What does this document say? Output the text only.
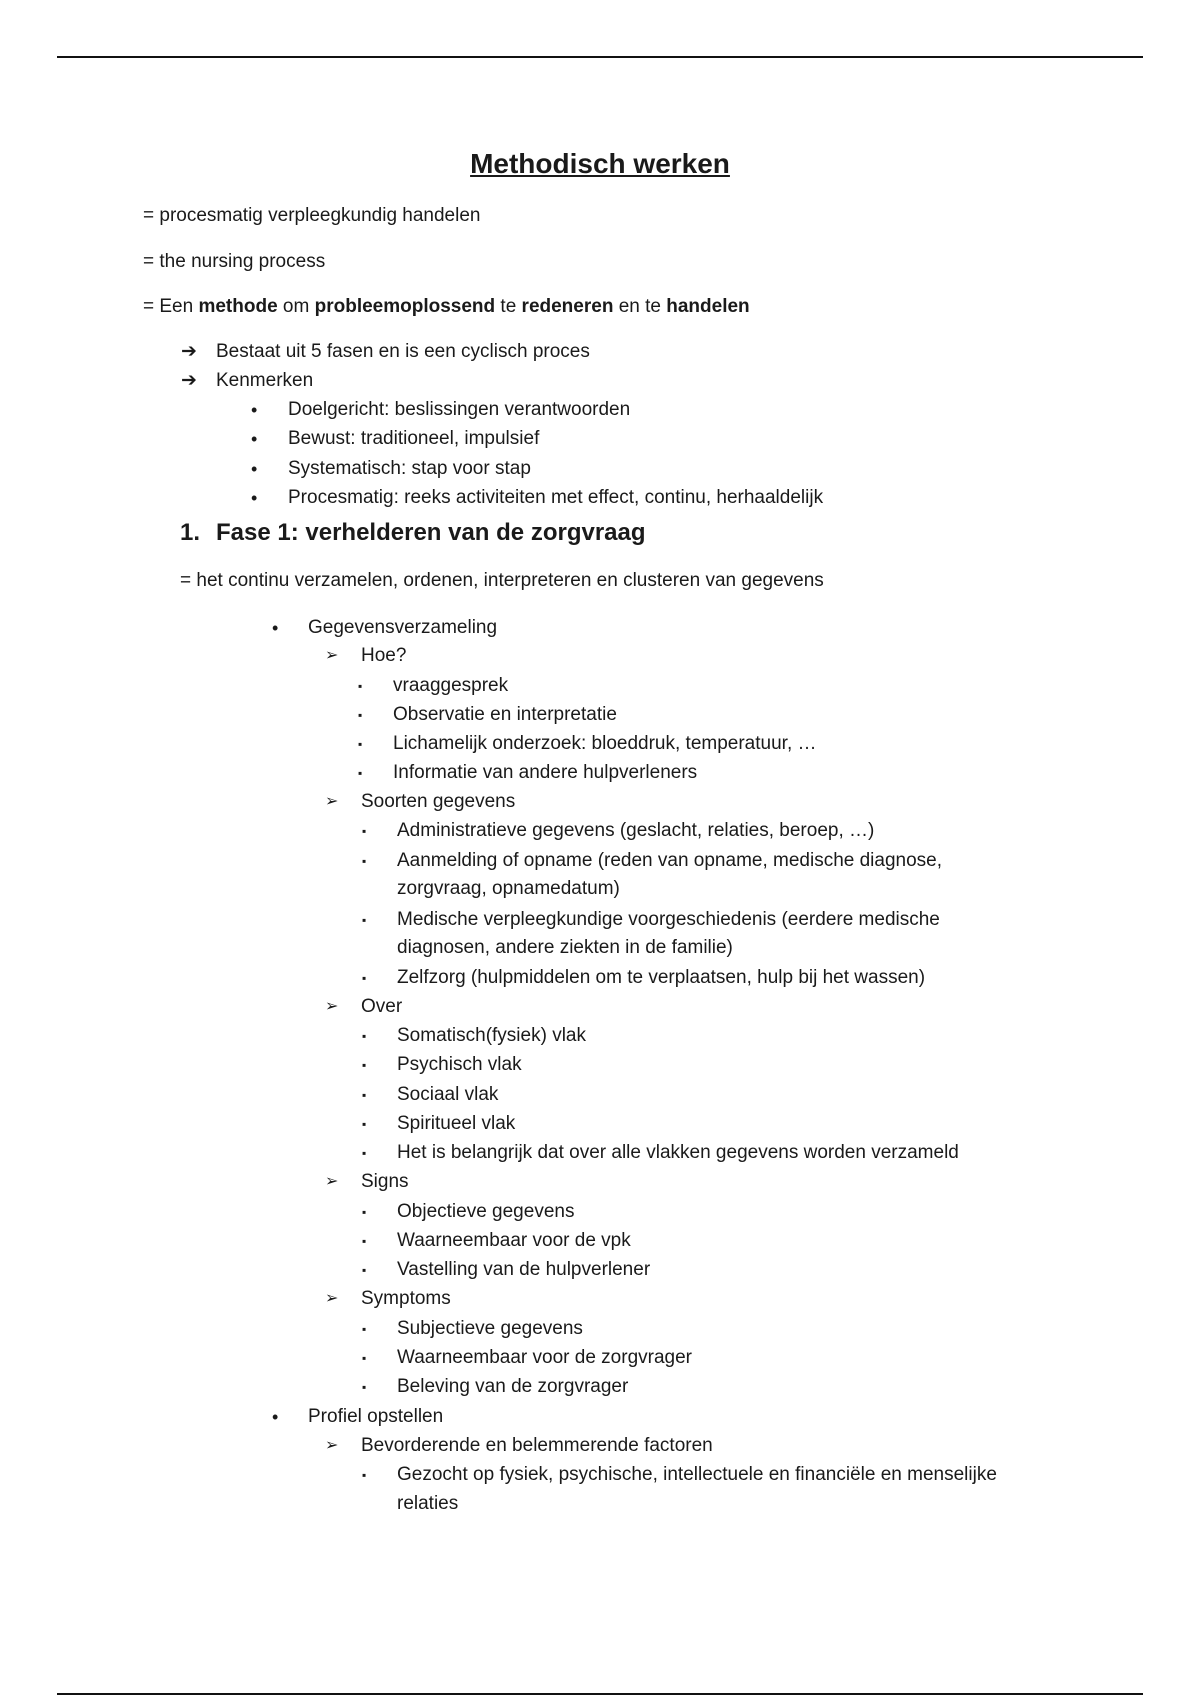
Methodisch werken
= procesmatig verpleegkundig handelen
= the nursing process
= Een methode om probleemoplossend te redeneren en te handelen
➔ Bestaat uit 5 fasen en is een cyclisch proces
➔ Kenmerken
• Doelgericht: beslissingen verantwoorden
• Bewust: traditioneel, impulsief
• Systematisch: stap voor stap
• Procesmatig: reeks activiteiten met effect, continu, herhaaldelijk
1. Fase 1: verhelderen van de zorgvraag
= het continu verzamelen, ordenen, interpreteren en clusteren van gegevens
• Gegevensverzameling
➢ Hoe?
▪ vraaggesprek
▪ Observatie en interpretatie
▪ Lichamelijk onderzoek: bloeddruk, temperatuur, …
▪ Informatie van andere hulpverleners
➢ Soorten gegevens
▪ Administratieve gegevens (geslacht, relaties, beroep, …)
▪ Aanmelding of opname (reden van opname, medische diagnose,
zorgvraag, opnamedatum)
▪ Medische verpleegkundige voorgeschiedenis (eerdere medische
diagnosen, andere ziekten in de familie)
▪ Zelfzorg (hulpmiddelen om te verplaatsen, hulp bij het wassen)
➢ Over
▪ Somatisch(fysiek) vlak
▪ Psychisch vlak
▪ Sociaal vlak
▪ Spiritueel vlak
▪ Het is belangrijk dat over alle vlakken gegevens worden verzameld
➢ Signs
▪ Objectieve gegevens
▪ Waarneembaar voor de vpk
▪ Vastelling van de hulpverlener
➢ Symptoms
▪ Subjectieve gegevens
▪ Waarneembaar voor de zorgvrager
▪ Beleving van de zorgvrager
• Profiel opstellen
➢ Bevorderende en belemmerende factoren
▪ Gezocht op fysiek, psychische, intellectuele en financiële en menselijke
relaties
